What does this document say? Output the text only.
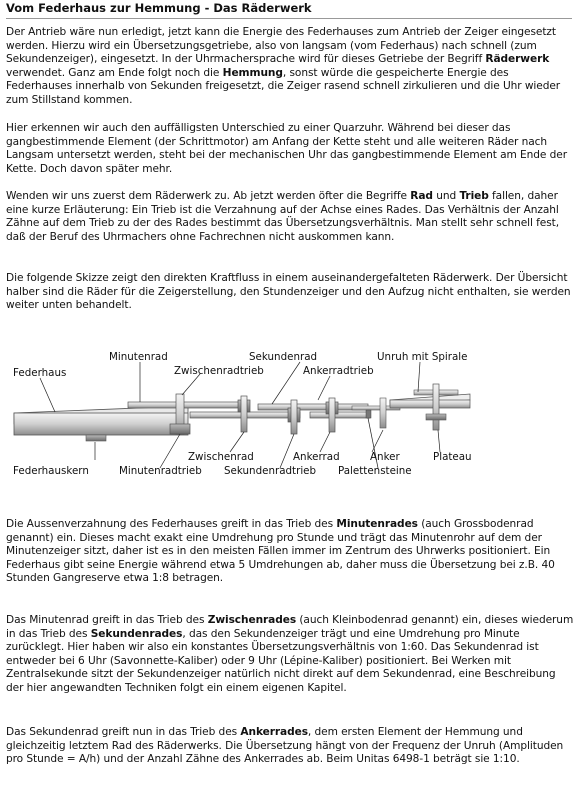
Vom Federhaus zur Hemmung - Das Räderwerk

Der Antrieb wäre nun erledigt, jetzt kann die Energie des Federhauses zum Antrieb der Zeiger eingesetzt werden. Hierzu wird ein Übersetzungsgetriebe, also von langsam (vom Federhaus) nach schnell (zum Sekundenzeiger), eingesetzt. In der Uhrmachersprache wird für dieses Getriebe der Begriff Räderwerk verwendet. Ganz am Ende folgt noch die Hemmung, sonst würde die gespeicherte Energie des Federhauses innerhalb von Sekunden freigesetzt, die Zeiger rasend schnell zirkulieren und die Uhr wieder zum Stillstand kommen.

Hier erkennen wir auch den auffälligsten Unterschied zu einer Quarzuhr. Während bei dieser das gangbestimmende Element (der Schrittmotor) am Anfang der Kette steht und alle weiteren Räder nach Langsam untersetzt werden, steht bei der mechanischen Uhr das gangbestimmende Element am Ende der Kette. Doch davon später mehr.

Wenden wir uns zuerst dem Räderwerk zu. Ab jetzt werden öfter die Begriffe Rad und Trieb fallen, daher eine kurze Erläuterung: Ein Trieb ist die Verzahnung auf der Achse eines Rades. Das Verhältnis der Anzahl Zähne auf dem Trieb zu der des Rades bestimmt das Übersetzungsverhältnis. Man stellt sehr schnell fest, daß der Beruf des Uhrmachers ohne Fachrechnen nicht auskommen kann.

Die folgende Skizze zeigt den direkten Kraftfluss in einem auseinandergefalteten Räderwerk. Der Übersicht halber sind die Räder für die Zeigerstellung, den Stundenzeiger und den Aufzug nicht enthalten, sie werden weiter unten behandelt.

Federhaus
Minutenrad
Zwischenradtrieb
Sekundenrad
Ankerradtrieb
Unruh mit Spirale
Federhauskern	Minutenradtrieb
Zwischenrad
Sekundenradtrieb
Ankerrad	Anker
Palettensteine
Plateau

Die Aussenverzahnung des Federhauses greift in das Trieb des Minutenrades (auch Grossbodenrad genannt) ein. Dieses macht exakt eine Umdrehung pro Stunde und trägt das Minutenrohr auf dem der Minutenzeiger sitzt, daher ist es in den meisten Fällen immer im Zentrum des Uhrwerks positioniert. Ein Federhaus gibt seine Energie während etwa 5 Umdrehungen ab, daher muss die Übersetzung bei z.B. 40 Stunden Gangreserve etwa 1:8 betragen.

Das Minutenrad greift in das Trieb des Zwischenrades (auch Kleinbodenrad genannt) ein, dieses wiederum in das Trieb des Sekundenrades, das den Sekundenzeiger trägt und eine Umdrehung pro Minute zurücklegt. Hier haben wir also ein konstantes Übersetzungsverhältnis von 1:60. Das Sekundenrad ist entweder bei 6 Uhr (Savonnette-Kaliber) oder 9 Uhr (Lépine-Kaliber) positioniert. Bei Werken mit Zentralsekunde sitzt der Sekundenzeiger natürlich nicht direkt auf dem Sekundenrad, eine Beschreibung der hier angewandten Techniken folgt ein einem eigenen Kapitel.

Das Sekundenrad greift nun in das Trieb des Ankerrades, dem ersten Element der Hemmung und gleichzeitig letztem Rad des Räderwerks. Die Übersetzung hängt von der Frequenz der Unruh (Amplituden pro Stunde = A/h) und der Anzahl Zähne des Ankerrades ab. Beim Unitas 6498-1 beträgt sie 1:10.
